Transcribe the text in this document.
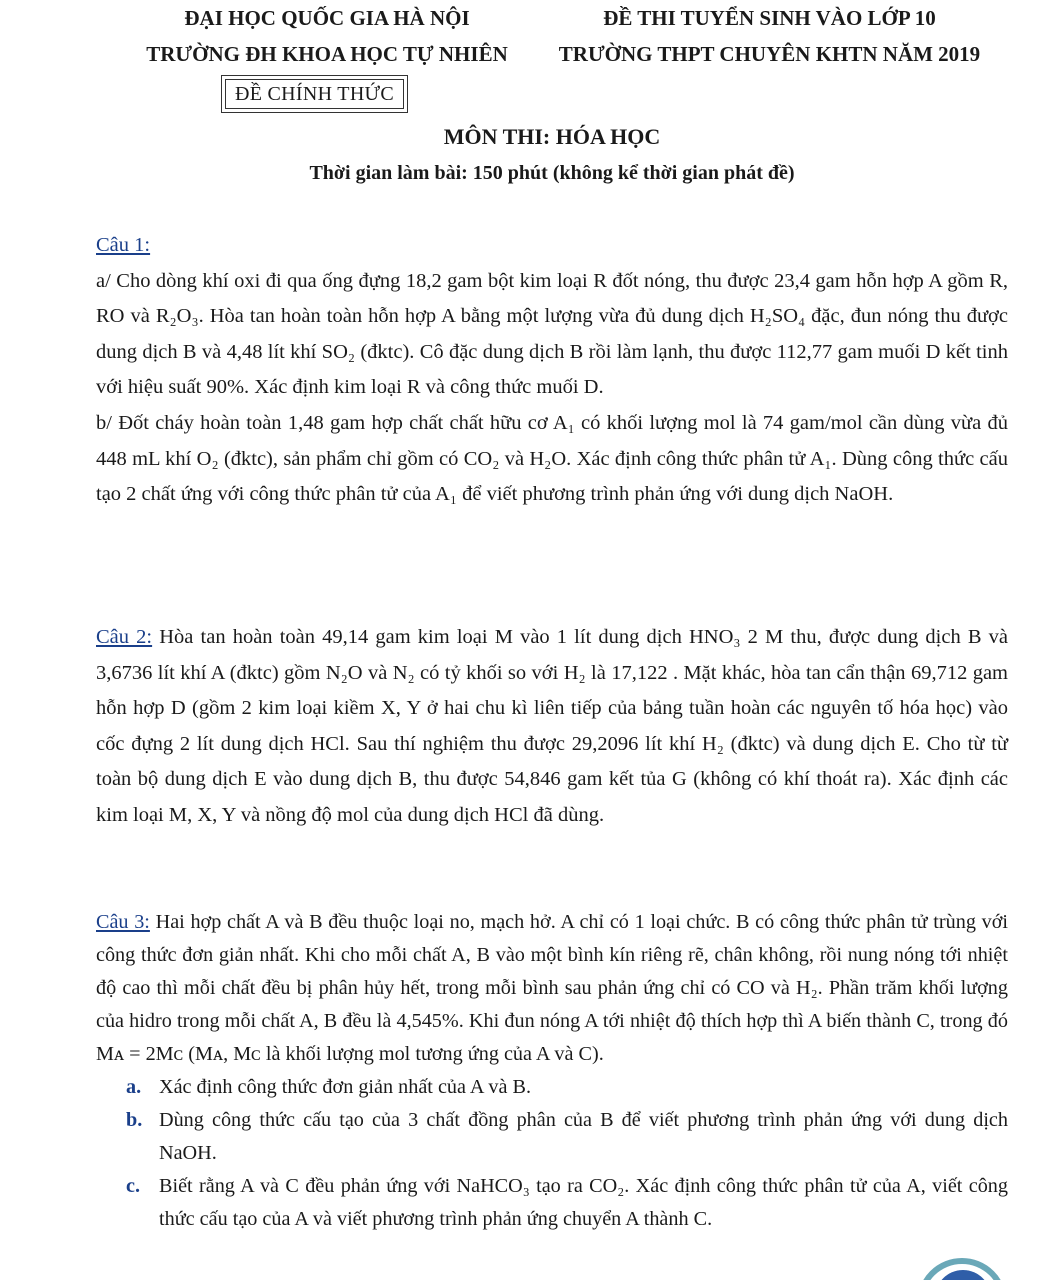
ĐẠI HỌC QUỐC GIA HÀ NỘI
TRƯỜNG ĐH KHOA HỌC TỰ NHIÊN
ĐỀ THI TUYỂN SINH VÀO LỚP 10
TRƯỜNG THPT CHUYÊN KHTN NĂM 2019
ĐỀ CHÍNH THỨC
MÔN THI: HÓA HỌC
Thời gian làm bài: 150 phút (không kể thời gian phát đề)
Câu 1:

a/ Cho dòng khí oxi đi qua ống đựng 18,2 gam bột kim loại R đốt nóng, thu được 23,4 gam hỗn hợp A gồm R, RO và R₂O₃. Hòa tan hoàn toàn hỗn hợp A bằng một lượng vừa đủ dung dịch H₂SO₄ đặc, đun nóng thu được dung dịch B và 4,48 lít khí SO₂ (đktc). Cô đặc dung dịch B rồi làm lạnh, thu được 112,77 gam muối D kết tinh với hiệu suất 90%. Xác định kim loại R và công thức muối D.

b/ Đốt cháy hoàn toàn 1,48 gam hợp chất chất hữu cơ A₁ có khối lượng mol là 74 gam/mol cần dùng vừa đủ 448 mL khí O₂ (đktc), sản phẩm chỉ gồm có CO₂ và H₂O. Xác định công thức phân tử A₁. Dùng công thức cấu tạo 2 chất ứng với công thức phân tử của A₁ để viết phương trình phản ứng với dung dịch NaOH.

Câu 2: Hòa tan hoàn toàn 49,14 gam kim loại M vào 1 lít dung dịch HNO₃ 2 M thu, được dung dịch B và 3,6736 lít khí A (đktc) gồm N₂O và N₂ có tỷ khối so với H₂ là 17,122 . Mặt khác, hòa tan cẩn thận 69,712 gam hỗn hợp D (gồm 2 kim loại kiềm X, Y ở hai chu kì liên tiếp của bảng tuần hoàn các nguyên tố hóa học) vào cốc đựng 2 lít dung dịch HCl. Sau thí nghiệm thu được 29,2096 lít khí H₂ (đktc) và dung dịch E. Cho từ từ toàn bộ dung dịch E vào dung dịch B, thu được 54,846 gam kết tủa G (không có khí thoát ra). Xác định các kim loại M, X, Y và nồng độ mol của dung dịch HCl đã dùng.

Câu 3: Hai hợp chất A và B đều thuộc loại no, mạch hở. A chỉ có 1 loại chức. B có công thức phân tử trùng với công thức đơn giản nhất. Khi cho mỗi chất A, B vào một bình kín riêng rẽ, chân không, rồi nung nóng tới nhiệt độ cao thì mỗi chất đều bị phân hủy hết, trong mỗi bình sau phản ứng chỉ có CO và H₂. Phần trăm khối lượng của hidro trong mỗi chất A, B đều là 4,545%. Khi đun nóng A tới nhiệt độ thích hợp thì A biến thành C, trong đó Mᴀ = 2Mᴄ (Mᴀ, Mᴄ là khối lượng mol tương ứng của A và C).

a. Xác định công thức đơn giản nhất của A và B.
b. Dùng công thức cấu tạo của 3 chất đồng phân của B để viết phương trình phản ứng với dung dịch NaOH.
c. Biết rằng A và C đều phản ứng với NaHCO₃ tạo ra CO₂. Xác định công thức phân tử của A, viết công thức cấu tạo của A và viết phương trình phản ứng chuyển A thành C.
